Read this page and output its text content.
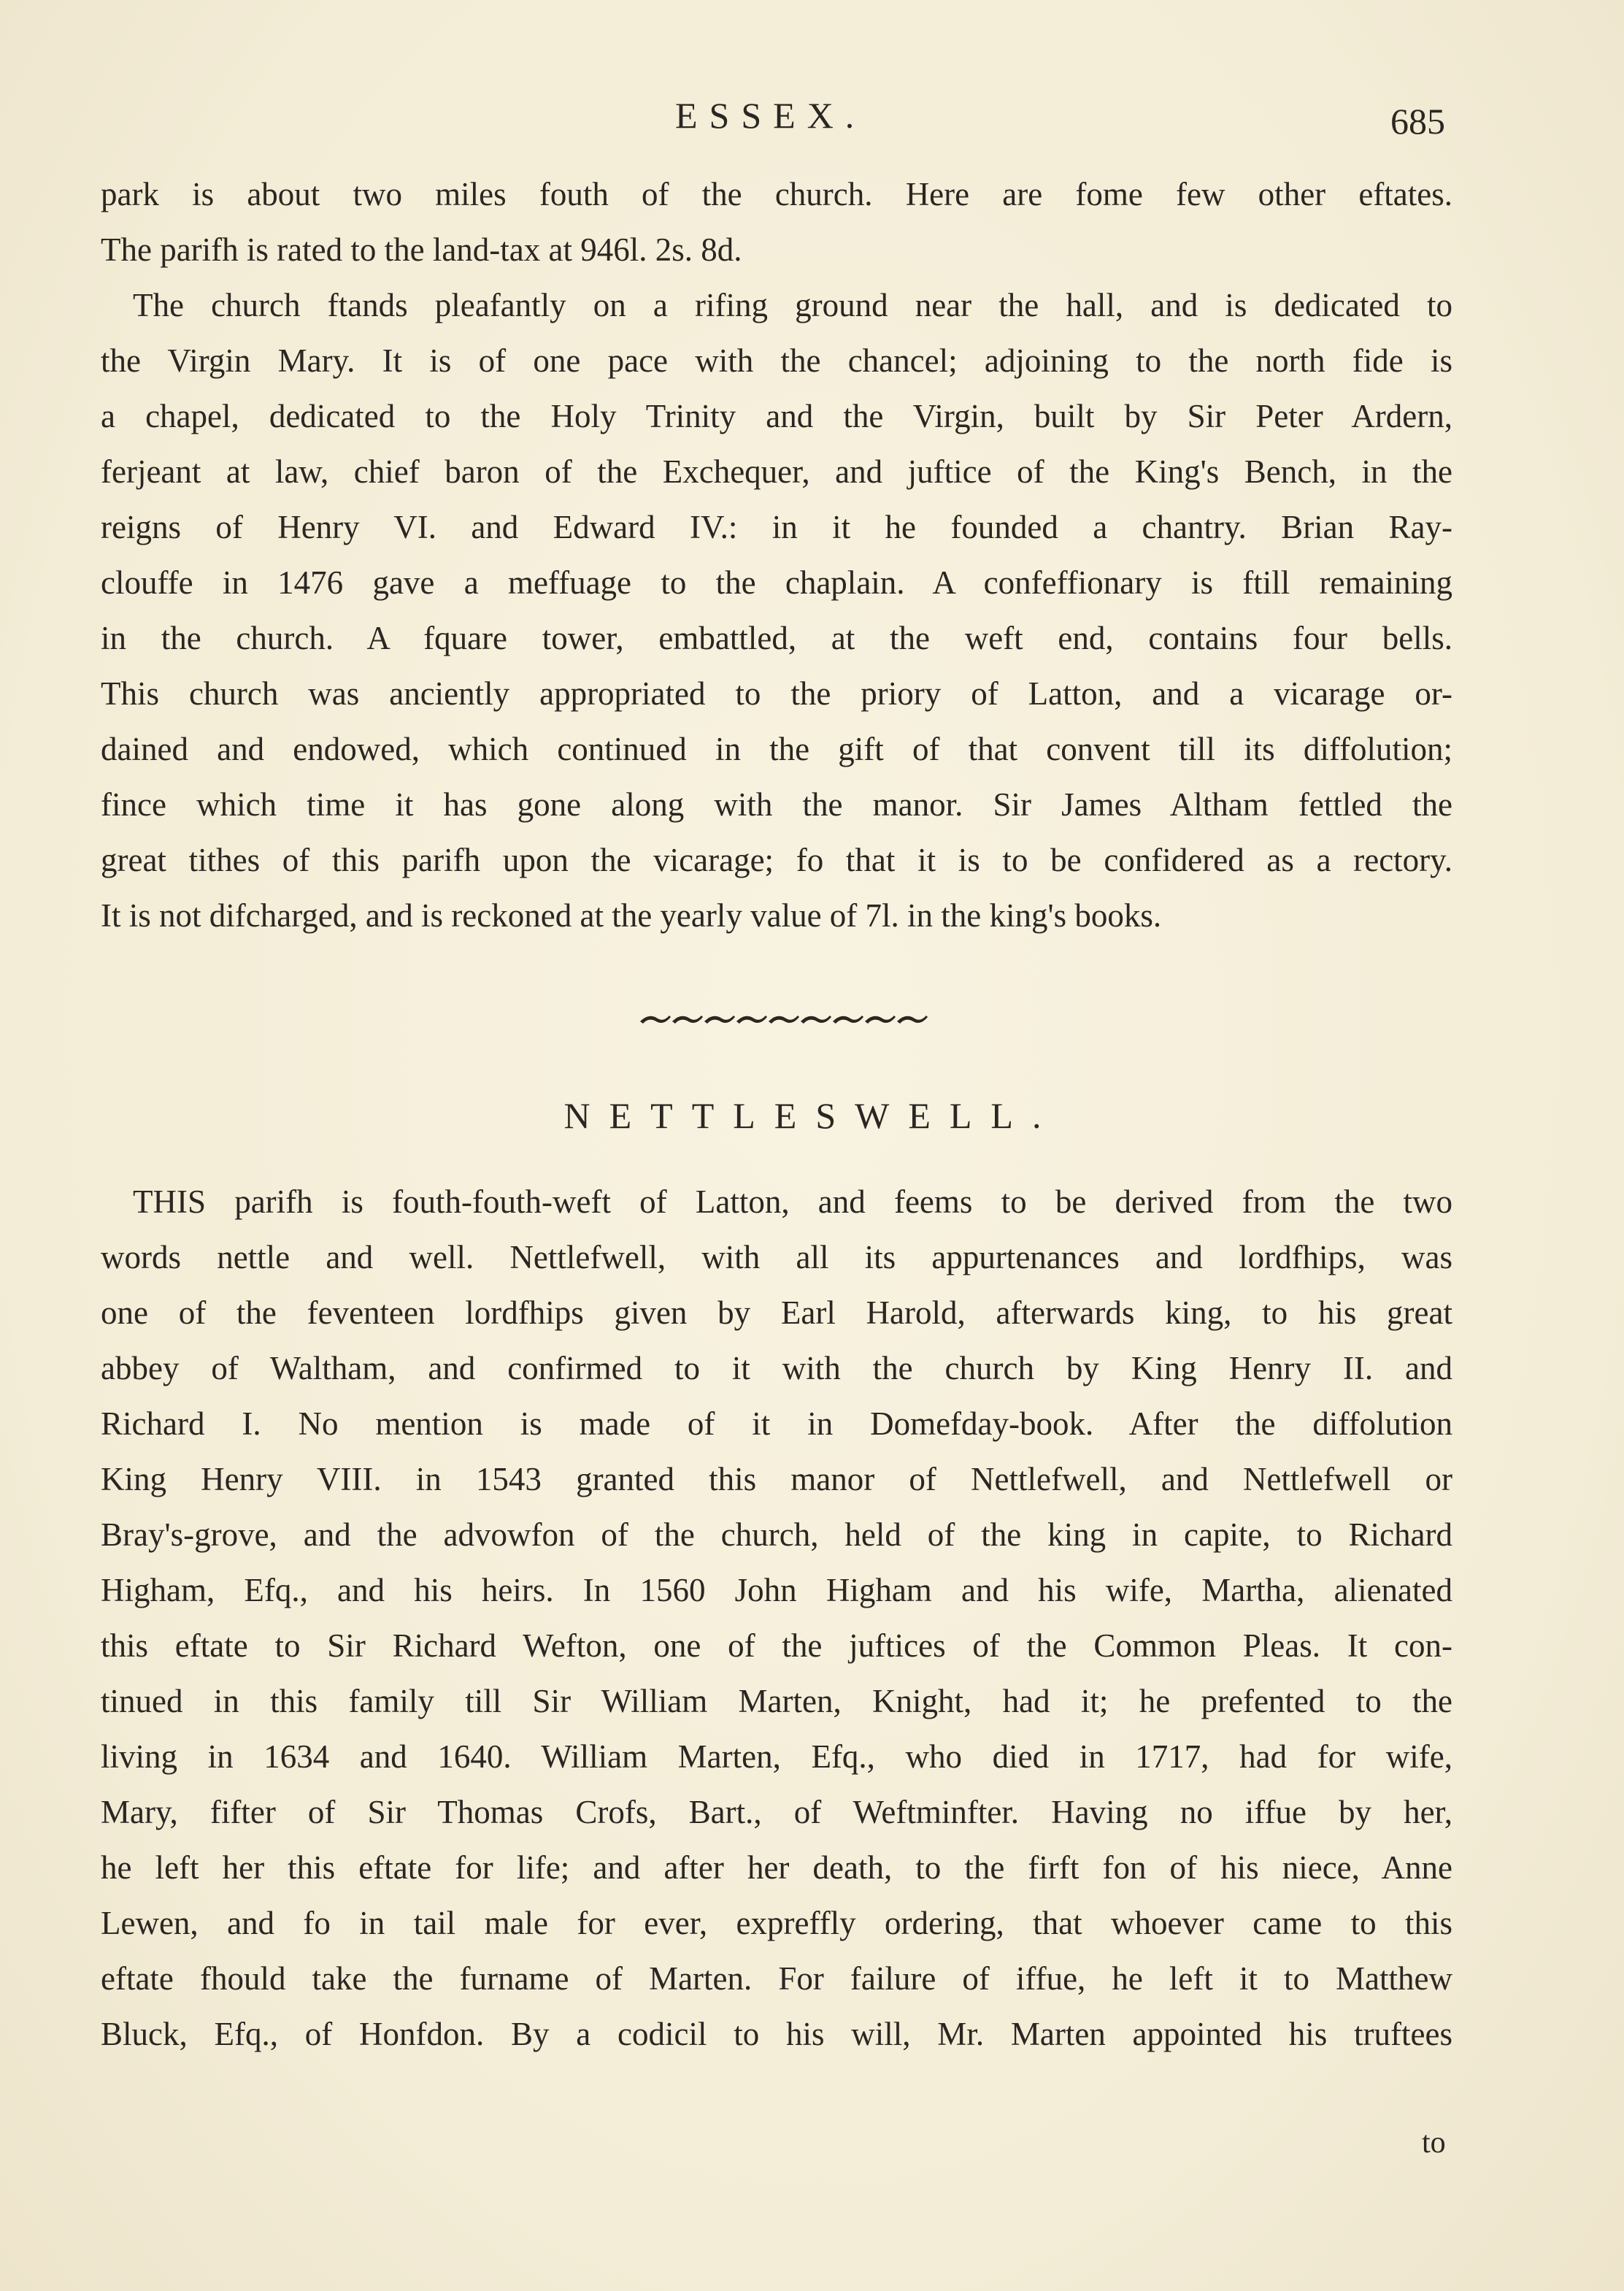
ESSEX.	685
park is about two miles fouth of the church. Here are fome few other eftates.
The parifh is rated to the land-tax at 946l. 2s. 8d.
The church ftands pleafantly on a rifing ground near the hall, and is dedicated to
the Virgin Mary. It is of one pace with the chancel; adjoining to the north fide is
a chapel, dedicated to the Holy Trinity and the Virgin, built by Sir Peter Ardern,
ferjeant at law, chief baron of the Exchequer, and juftice of the King's Bench, in the
reigns of Henry VI. and Edward IV.: in it he founded a chantry. Brian Ray-
clouffe in 1476 gave a meffuage to the chaplain. A confeffionary is ftill remaining
in the church. A fquare tower, embattled, at the weft end, contains four bells.
This church was anciently appropriated to the priory of Latton, and a vicarage or-
dained and endowed, which continued in the gift of that convent till its diffolution;
fince which time it has gone along with the manor. Sir James Altham fettled the
great tithes of this parifh upon the vicarage; fo that it is to be confidered as a rectory.
It is not difcharged, and is reckoned at the yearly value of 7l. in the king's books.
NETTLESWELL.
THIS parifh is fouth-fouth-weft of Latton, and feems to be derived from the two
words nettle and well. Nettlefwell, with all its appurtenances and lordfhips, was
one of the feventeen lordfhips given by Earl Harold, afterwards king, to his great
abbey of Waltham, and confirmed to it with the church by King Henry II. and
Richard I. No mention is made of it in Domefday-book. After the diffolution
King Henry VIII. in 1543 granted this manor of Nettlefwell, and Nettlefwell or
Bray's-grove, and the advowfon of the church, held of the king in capite, to Richard
Higham, Efq., and his heirs. In 1560 John Higham and his wife, Martha, alienated
this eftate to Sir Richard Wefton, one of the juftices of the Common Pleas. It con-
tinued in this family till Sir William Marten, Knight, had it; he prefented to the
living in 1634 and 1640. William Marten, Efq., who died in 1717, had for wife,
Mary, fifter of Sir Thomas Crofs, Bart., of Weftminfter. Having no iffue by her,
he left her this eftate for life; and after her death, to the firft fon of his niece, Anne
Lewen, and fo in tail male for ever, expreffly ordering, that whoever came to this
eftate fhould take the furname of Marten. For failure of iffue, he left it to Matthew
Bluck, Efq., of Honfdon. By a codicil to his will, Mr. Marten appointed his truftees
to
